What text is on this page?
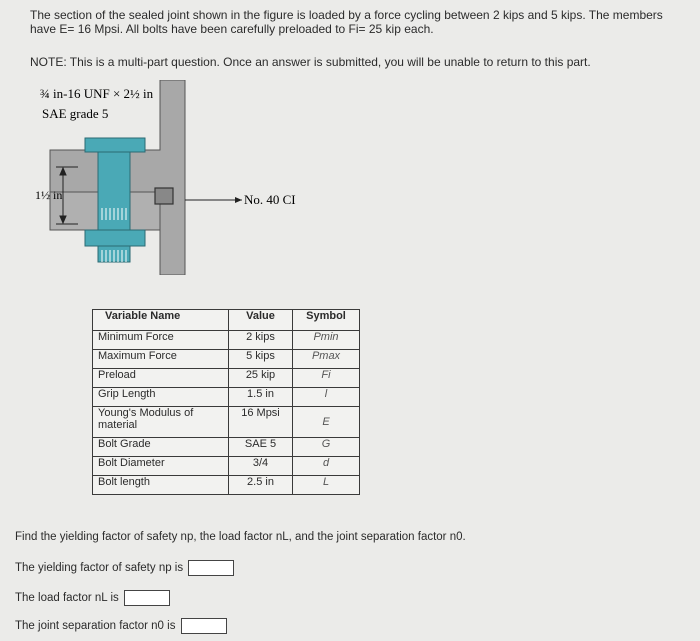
The section of the sealed joint shown in the figure is loaded by a force cycling between 2 kips and 5 kips. The members
have E= 16 Mpsi. All bolts have been carefully preloaded to Fi= 25 kip each.
NOTE: This is a multi-part question. Once an answer is submitted, you will be unable to return to this part.
¾ in-16 UNF × 2½ in
SAE grade 5
1½ in	No. 40 CI
Variable Name	Value	Symbol
Minimum Force	2 kips	Pmin
Maximum Force	5 kips	Pmax
Preload	25 kip	Fi
Grip Length	1.5 in	l
Young's Modulus of material	16 Mpsi	E
Bolt Grade	SAE 5	G
Bolt Diameter	3/4	d
Bolt length	2.5 in	L
Find the yielding factor of safety np, the load factor nL, and the joint separation factor n0.
The yielding factor of safety np is
The load factor nL is
The joint separation factor n0 is
